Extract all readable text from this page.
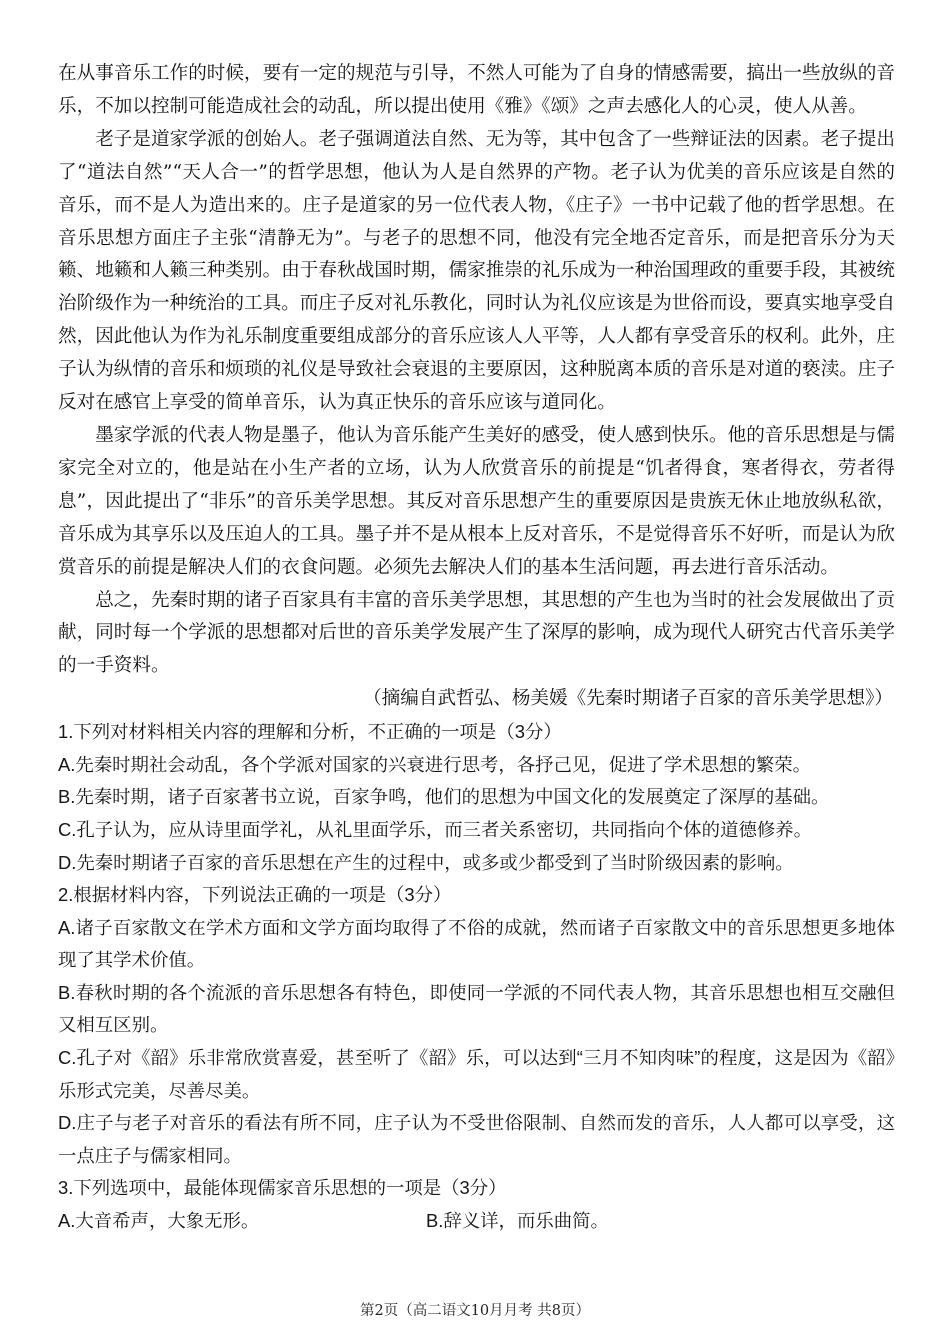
在从事音乐工作的时候，要有一定的规范与引导，不然人可能为了自身的情感需要，搞出一些放纵的音乐，不加以控制可能造成社会的动乱，所以提出使用《雅》《颂》之声去感化人的心灵，使人从善。

老子是道家学派的创始人。老子强调道法自然、无为等，其中包含了一些辩证法的因素。老子提出了“道法自然”“天人合一”的哲学思想，他认为人是自然界的产物。老子认为优美的音乐应该是自然的音乐，而不是人为造出来的。庄子是道家的另一位代表人物，《庄子》一书中记载了他的哲学思想。在音乐思想方面庄子主张“清静无为”。与老子的思想不同，他没有完全地否定音乐，而是把音乐分为天籁、地籁和人籁三种类别。由于春秋战国时期，儒家推崇的礼乐成为一种治国理政的重要手段，其被统治阶级作为一种统治的工具。而庄子反对礼乐教化，同时认为礼仪应该是为世俗而设，要真实地享受自然，因此他认为作为礼乐制度重要组成部分的音乐应该人人平等，人人都有享受音乐的权利。此外，庄子认为纵情的音乐和烦琐的礼仪是导致社会衰退的主要原因，这种脱离本质的音乐是对道的亵渎。庄子反对在感官上享受的简单音乐，认为真正快乐的音乐应该与道同化。

墨家学派的代表人物是墨子，他认为音乐能产生美好的感受，使人感到快乐。他的音乐思想是与儒家完全对立的，他是站在小生产者的立场，认为人欣赏音乐的前提是“饥者得食，寒者得衣，劳者得息”，因此提出了“非乐”的音乐美学思想。其反对音乐思想产生的重要原因是贵族无休止地放纵私欲，音乐成为其享乐以及压迫人的工具。墨子并不是从根本上反对音乐，不是觉得音乐不好听，而是认为欣赏音乐的前提是解决人们的衣食问题。必须先去解决人们的基本生活问题，再去进行音乐活动。

总之，先秦时期的诸子百家具有丰富的音乐美学思想，其思想的产生也为当时的社会发展做出了贡献，同时每一个学派的思想都对后世的音乐美学发展产生了深厚的影响，成为现代人研究古代音乐美学的一手资料。

（摘编自武哲弘、杨美媛《先秦时期诸子百家的音乐美学思想》）

1.下列对材料相关内容的理解和分析，不正确的一项是（3分）

A.先秦时期社会动乱，各个学派对国家的兴衰进行思考，各抒己见，促进了学术思想的繁荣。

B.先秦时期，诸子百家著书立说，百家争鸣，他们的思想为中国文化的发展奠定了深厚的基础。

C.孔子认为，应从诗里面学礼，从礼里面学乐，而三者关系密切，共同指向个体的道德修养。

D.先秦时期诸子百家的音乐思想在产生的过程中，或多或少都受到了当时阶级因素的影响。

2.根据材料内容，下列说法正确的一项是（3分）

A.诸子百家散文在学术方面和文学方面均取得了不俗的成就，然而诸子百家散文中的音乐思想更多地体现了其学术价值。

B.春秋时期的各个流派的音乐思想各有特色，即使同一学派的不同代表人物，其音乐思想也相互交融但又相互区别。

C.孔子对《韶》乐非常欣赏喜爱，甚至听了《韶》乐，可以达到“三月不知肉味”的程度，这是因为《韶》乐形式完美，尽善尽美。

D.庄子与老子对音乐的看法有所不同，庄子认为不受世俗限制、自然而发的音乐，人人都可以享受，这一点庄子与儒家相同。

3.下列选项中，最能体现儒家音乐思想的一项是（3分）

A.大音希声，大象无形。	B.辞义详，而乐曲简。

第2页（高二语文10月月考 共8页）
